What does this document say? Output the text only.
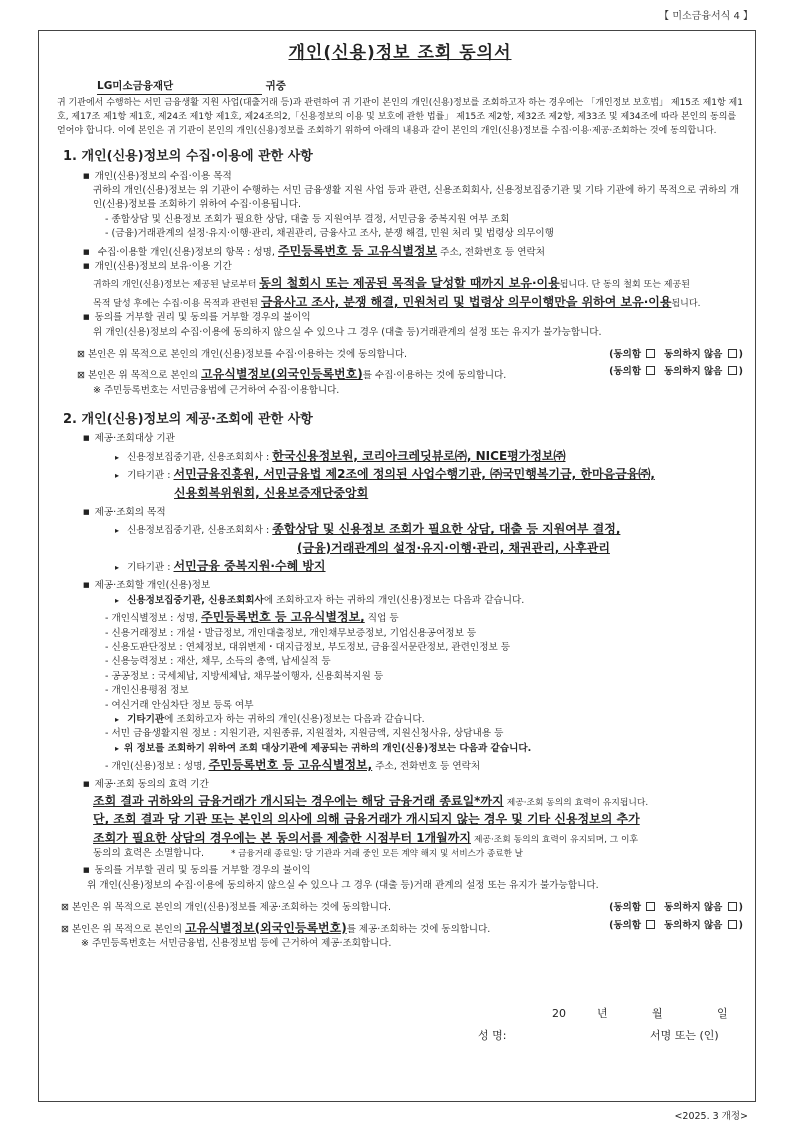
【 미소금융서식 4 】
개인(신용)정보 조회 동의서
LG미소금융재단	귀중

귀 기관에서 수행하는 서민 금융생활 지원 사업(대출거래 등)과 관련하여 귀 기관이 본인의 개인(신용)정보를 조회하고자 하는 경우에는 「개인정보 보호법」 제15조 제1항 제1호, 제17조 제1항 제1호, 제24조 제1항 제1호, 제24조의2,「신용정보의 이용 및 보호에 관한 법률」 제15조 제2항, 제32조 제2항, 제33조 및 제34조에 따라 본인의 동의를 얻어야 합니다. 이에 본인은 귀 기관이 본인의 개인(신용)정보를 조회하기 위하여 아래의 내용과 같이 본인의 개인(신용)정보를 수집·이용·제공·조회하는 것에 동의합니다.

1. 개인(신용)정보의 수집·이용에 관한 사항

■ 개인(신용)정보의 수집·이용 목적

귀하의 개인(신용)정보는 위 기관이 수행하는 서민 금융생활 지원 사업 등과 관련, 신용조회회사, 신용정보집중기관 및 기타 기관에 하기 목적으로 귀하의 개인(신용)정보를 조회하기 위하여 수집·이용됩니다.

- 종합상담 및 신용정보 조회가 필요한 상담, 대출 등 지원여부 결정, 서민금융 중복지원 여부 조회

- (금융)거래관계의 설정·유지·이행·관리, 채권관리, 금융사고 조사, 분쟁 해결, 민원 처리 및 법령상 의무이행

■ 수집·이용할 개인(신용)정보의 항목 : 성명, 주민등록번호 등 고유식별정보 주소, 전화번호 등 연락처

■ 개인(신용)정보의 보유·이용 기간

귀하의 개인(신용)정보는 제공된 날로부터 동의 철회시 또는 제공된 목적을 달성할 때까지 보유·이용됩니다. 단 동의 철회 또는 제공된

목적 달성 후에는 수집·이용 목적과 관련된 금융사고 조사, 분쟁 해결, 민원처리 및 법령상 의무이행만을 위하여 보유·이용됩니다.

■ 동의를 거부할 권리 및 동의를 거부할 경우의 불이익

위 개인(신용)정보의 수집·이용에 동의하지 않으실 수 있으나 그 경우 (대출 등)거래관계의 설정 또는 유지가 불가능합니다.

⊠ 본인은 위 목적으로 본인의 개인(신용)정보를 수집·이용하는 것에 동의합니다.	(동의함 동의하지 않음 )
⊠ 본인은 위 목적으로 본인의 고유식별정보(외국인등록번호)를 수집·이용하는 것에 동의합니다.	(동의함 동의하지 않음 )

※ 주민등록번호는 서민금융법에 근거하여 수집·이용합니다.

2. 개인(신용)정보의 제공·조회에 관한 사항

■ 제공·조회대상 기관

▸ 신용정보집중기관, 신용조회회사 : 한국신용정보원, 코리아크레딧뷰로㈜, NICE평가정보㈜

▸ 기타기관 : 서민금융진흥원, 서민금융법 제2조에 정의된 사업수행기관, ㈜국민행복기금, 한마음금융㈜,

신용회복위원회, 신용보증재단중앙회

■ 제공·조회의 목적

▸ 신용정보집중기관, 신용조회회사 : 종합상담 및 신용정보 조회가 필요한 상담, 대출 등 지원여부 결정,

(금융)거래관계의 설정·유지·이행·관리, 채권관리, 사후관리

▸ 기타기관 : 서민금융 중복지원·수혜 방지

■ 제공·조회할 개인(신용)정보

▸ 신용정보집중기관, 신용조회회사에 조회하고자 하는 귀하의 개인(신용)정보는 다음과 같습니다.

- 개인식별정보 : 성명, 주민등록번호 등 고유식별정보, 직업 등

- 신용거래정보 : 개설・발급정보, 개인대출정보, 개인채무보증정보, 기업신용공여정보 등

- 신용도판단정보 : 연체정보, 대위변제・대지급정보, 부도정보, 금융질서문란정보, 관련인정보 등

- 신용능력정보 : 재산, 채무, 소득의 총액, 납세실적 등

- 공공정보 : 국세체납, 지방세체납, 채무불이행자, 신용회복지원 등

- 개인신용평점 정보

- 여신거래 안심차단 정보 등록 여부

▸ 기타기관에 조회하고자 하는 귀하의 개인(신용)정보는 다음과 같습니다.

- 서민 금융생활지원 정보 : 지원기관, 지원종류, 지원절차, 지원금액, 지원신청사유, 상담내용 등

▸ 위 정보를 조회하기 위하여 조회 대상기관에 제공되는 귀하의 개인(신용)정보는 다음과 같습니다.

- 개인(신용)정보 : 성명, 주민등록번호 등 고유식별정보, 주소, 전화번호 등 연락처

■ 제공·조회 동의의 효력 기간

조회 결과 귀하와의 금융거래가 개시되는 경우에는 해당 금융거래 종료일*까지 제공·조회 동의의 효력이 유지됩니다.

단, 조회 결과 당 기관 또는 본인의 의사에 의해 금융거래가 개시되지 않는 경우 및 기타 신용정보의 추가

조회가 필요한 상담의 경우에는 본 동의서를 제출한 시점부터 1개월까지 제공·조회 동의의 효력이 유지되며, 그 이후

동의의 효력은 소멸합니다.	* 금융거래 종료일: 당 기관과 거래 중인 모든 계약 해지 및 서비스가 종료한 날

■ 동의를 거부할 권리 및 동의를 거부할 경우의 불이익

위 개인(신용)정보의 수집·이용에 동의하지 않으실 수 있으나 그 경우 (대출 등)거래 관계의 설정 또는 유지가 불가능합니다.

⊠ 본인은 위 목적으로 본인의 개인(신용)정보를 제공·조회하는 것에 동의합니다.	(동의함 동의하지 않음 )
⊠ 본인은 위 목적으로 본인의 고유식별정보(외국인등록번호)를 제공·조회하는 것에 동의합니다.	(동의함 동의하지 않음 )

※ 주민등록번호는 서민금융법, 신용정보법 등에 근거하여 제공·조회합니다.

20	년	월	일
성 명:	서명 또는 (인)
<2025. 3 개정>
